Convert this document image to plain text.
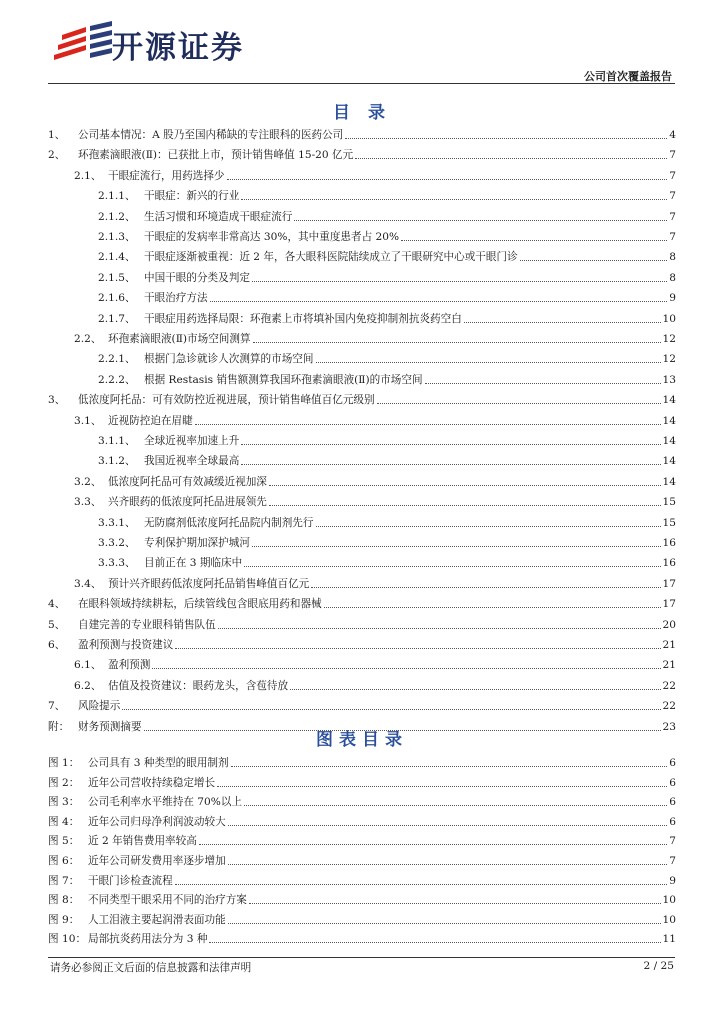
开源证券
公司首次覆盖报告
目 录
1、	公司基本情况：A 股乃至国内稀缺的专注眼科的医药公司	4
2、	环孢素滴眼液(Ⅱ)：已获批上市，预计销售峰值 15-20 亿元	7
2.1、 干眼症流行，用药选择少	7
2.1.1、 干眼症：新兴的行业	7
2.1.2、 生活习惯和环境造成干眼症流行	7
2.1.3、 干眼症的发病率非常高达 30%，其中重度患者占 20%	7
2.1.4、 干眼症逐渐被重视：近 2 年，各大眼科医院陆续成立了干眼研究中心或干眼门诊	8
2.1.5、 中国干眼的分类及判定	8
2.1.6、 干眼治疗方法	9
2.1.7、 干眼症用药选择局限：环孢素上市将填补国内免疫抑制剂抗炎药空白	10
2.2、 环孢素滴眼液(Ⅱ)市场空间测算	12
2.2.1、 根据门急诊就诊人次测算的市场空间	12
2.2.2、 根据 Restasis 销售额测算我国环孢素滴眼液(Ⅱ)的市场空间	13
3、	低浓度阿托品：可有效防控近视进展，预计销售峰值百亿元级别	14
3.1、 近视防控迫在眉睫	14
3.1.1、 全球近视率加速上升	14
3.1.2、 我国近视率全球最高	14
3.2、 低浓度阿托品可有效减缓近视加深	14
3.3、 兴齐眼药的低浓度阿托品进展领先	15
3.3.1、 无防腐剂低浓度阿托品院内制剂先行	15
3.3.2、 专利保护期加深护城河	16
3.3.3、 目前正在 3 期临床中	16
3.4、 预计兴齐眼药低浓度阿托品销售峰值百亿元	17
4、	在眼科领域持续耕耘，后续管线包含眼底用药和器械	17
5、	自建完善的专业眼科销售队伍	20
6、	盈利预测与投资建议	21
6.1、 盈利预测	21
6.2、 估值及投资建议：眼药龙头，含苞待放	22
7、	风险提示	22
附： 财务预测摘要	23
图表目录
图 1： 公司具有 3 种类型的眼用制剂	6
图 2： 近年公司营收持续稳定增长	6
图 3： 公司毛利率水平维持在 70%以上	6
图 4： 近年公司归母净利润波动较大	6
图 5： 近 2 年销售费用率较高	7
图 6： 近年公司研发费用率逐步增加	7
图 7： 干眼门诊检查流程	9
图 8： 不同类型干眼采用不同的治疗方案	10
图 9： 人工泪液主要起润滑表面功能	10
图 10： 局部抗炎药用法分为 3 种	11
请务必参阅正文后面的信息披露和法律声明	2 / 25
